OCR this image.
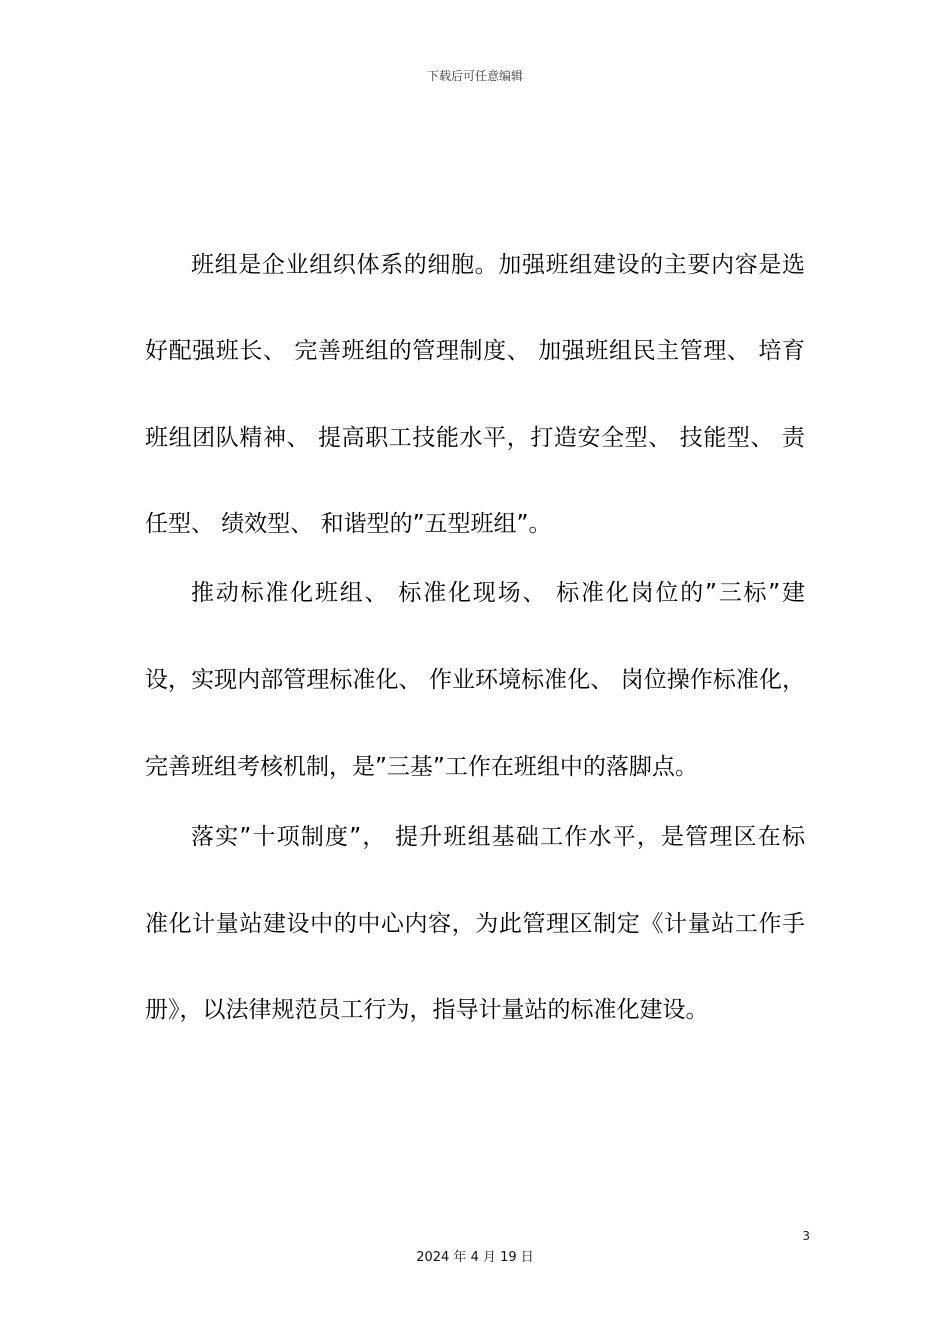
下载后可任意编辑
班组是企业组织体系的细胞。加强班组建设的主要内容是选
好配强班长、 完善班组的管理制度、 加强班组民主管理、 培育
班组团队精神、 提高职工技能水平，打造安全型、 技能型、 责
任型、 绩效型、 和谐型的”五型班组”。
推动标准化班组、 标准化现场、 标准化岗位的”三标”建
设，实现内部管理标准化、 作业环境标准化、 岗位操作标准化，
完善班组考核机制，是”三基”工作在班组中的落脚点。
落实”十项制度”， 提升班组基础工作水平，是管理区在标
准化计量站建设中的中心内容，为此管理区制定《计量站工作手
册》，以法律规范员工行为，指导计量站的标准化建设。
3
2024 年 4 月 19 日
